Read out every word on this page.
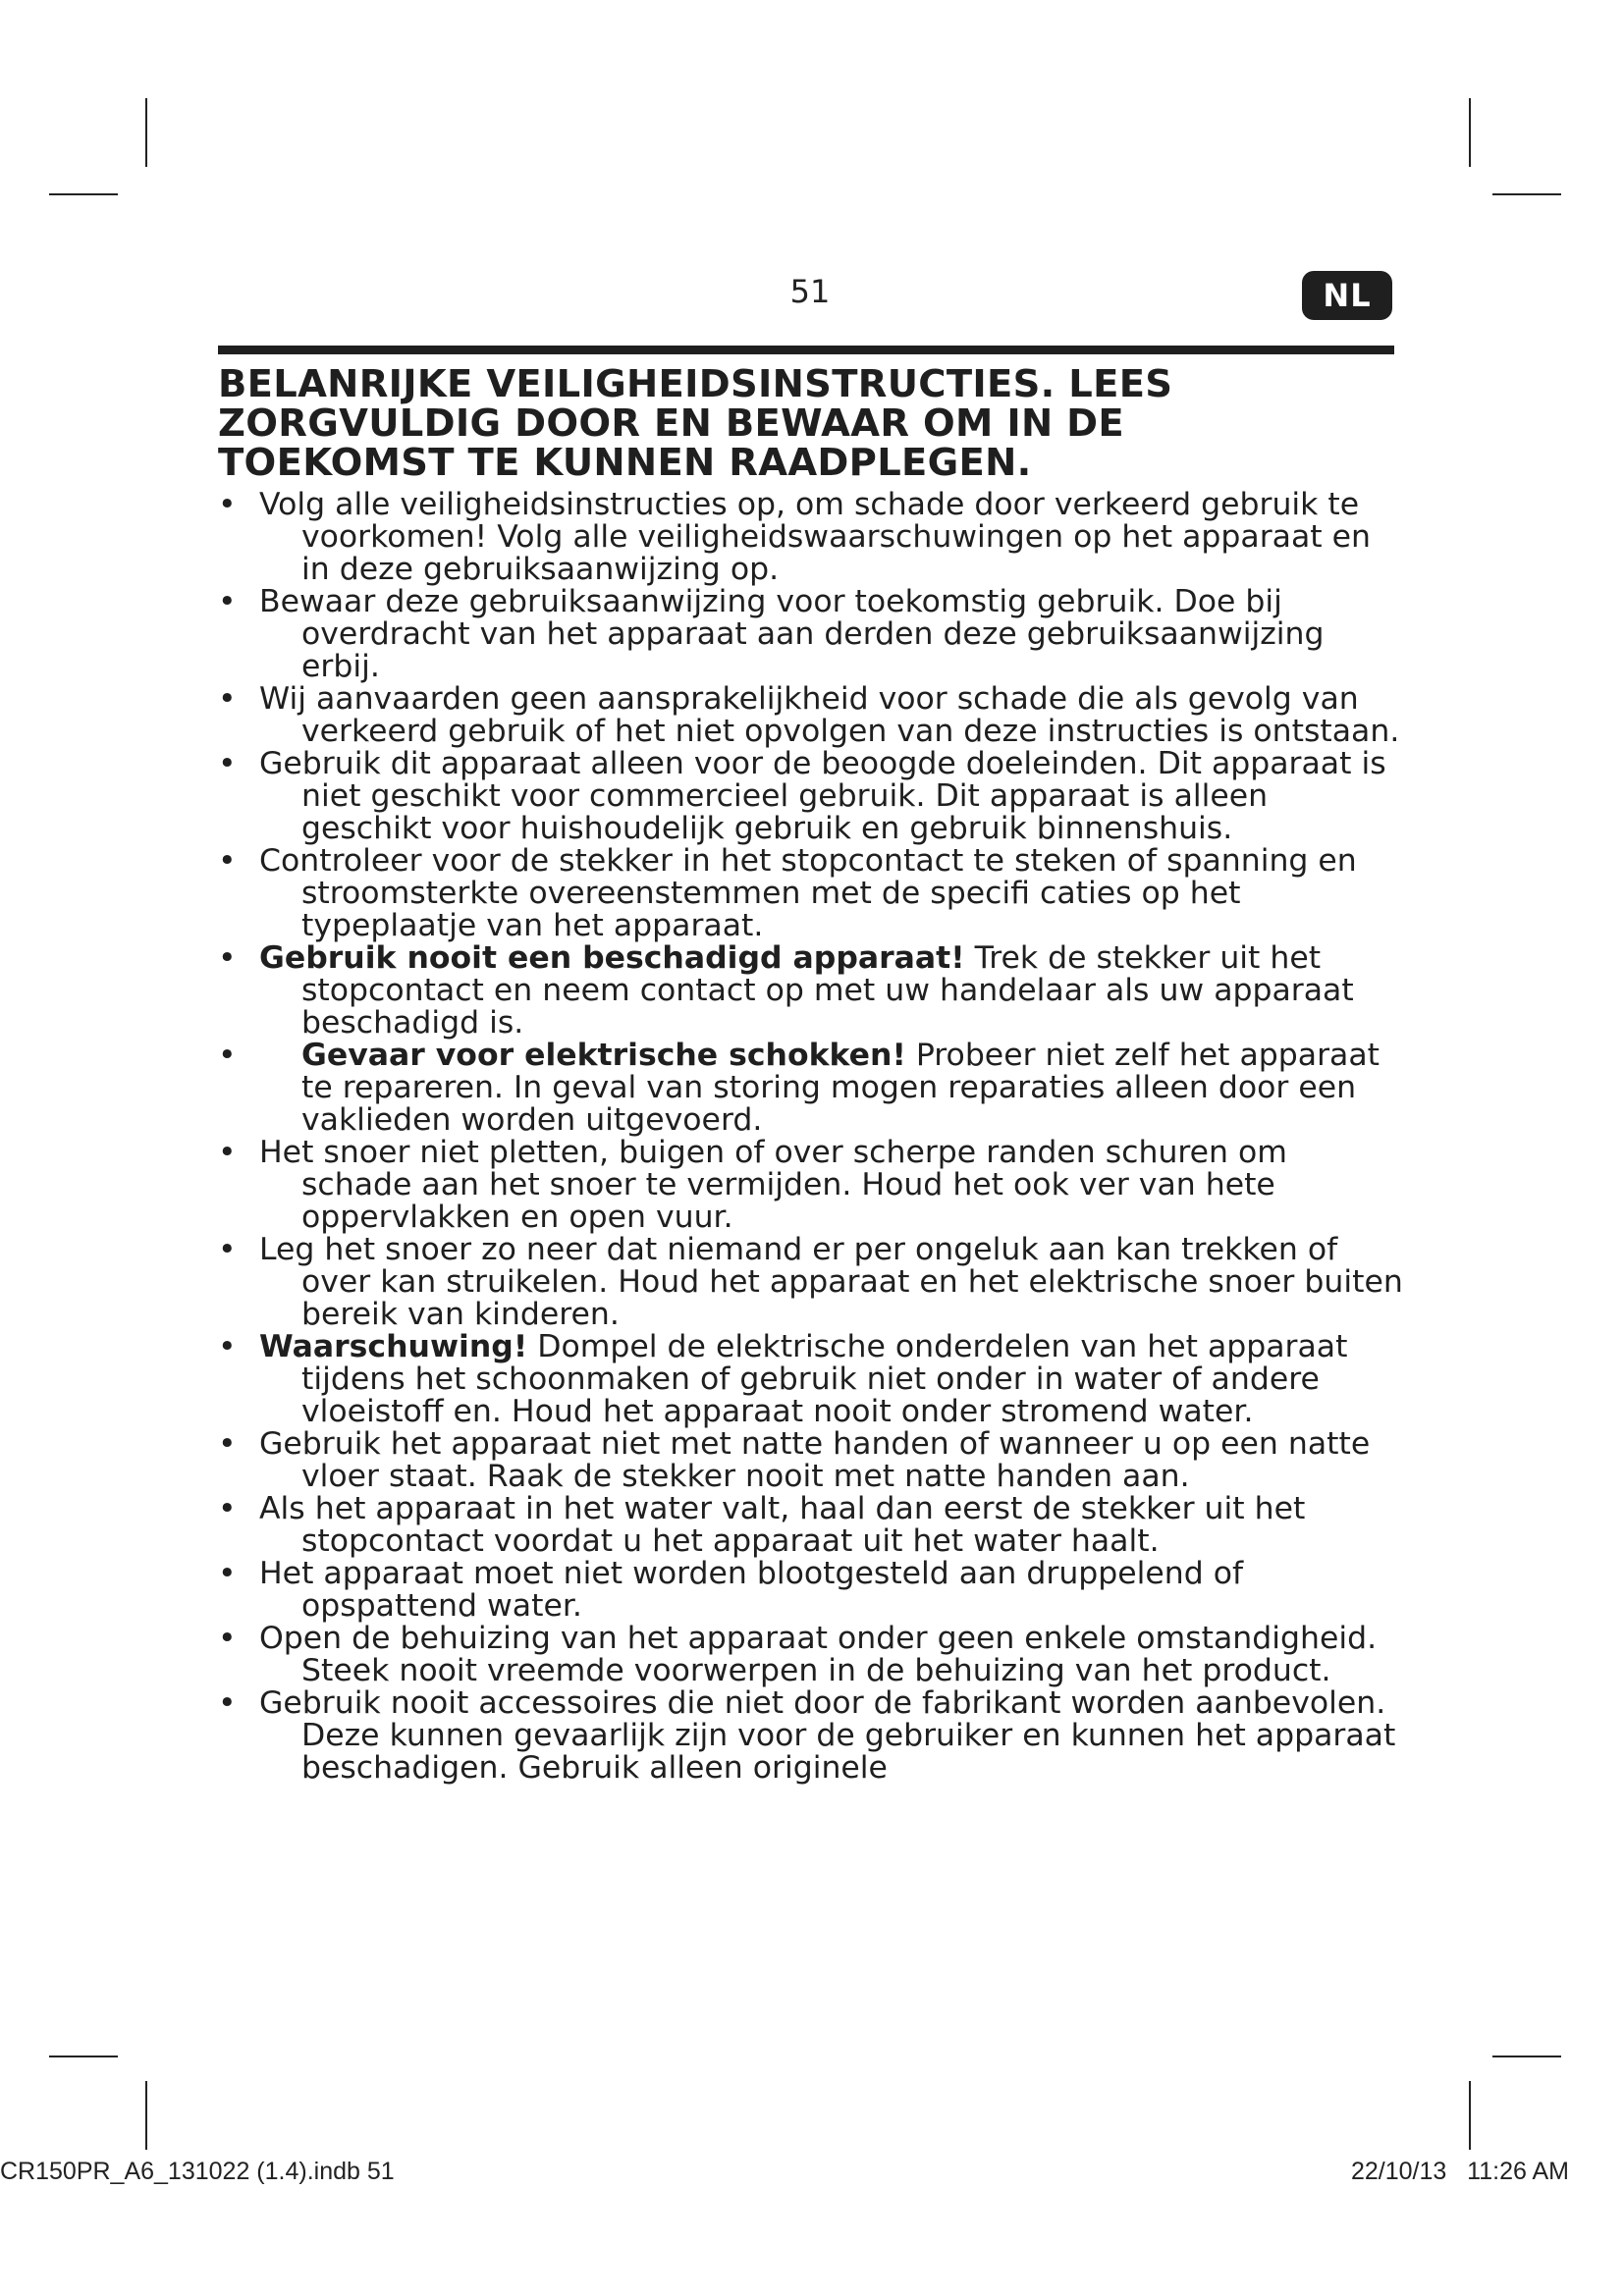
51	NL
BELANRIJKE VEILIGHEIDSINSTRUCTIES. LEES
ZORGVULDIG DOOR EN BEWAAR OM IN DE
TOEKOMST TE KUNNEN RAADPLEGEN.
• Volg alle veiligheidsinstructies op, om schade door verkeerd gebruik te voorkomen! Volg alle veiligheidswaarschuwingen op het apparaat en in deze gebruiksaanwijzing op.
• Bewaar deze gebruiksaanwijzing voor toekomstig gebruik. Doe bij overdracht van het apparaat aan derden deze gebruiksaanwijzing erbij.
• Wij aanvaarden geen aansprakelijkheid voor schade die als gevolg van verkeerd gebruik of het niet opvolgen van deze instructies is ontstaan.
• Gebruik dit apparaat alleen voor de beoogde doeleinden. Dit apparaat is niet geschikt voor commercieel gebruik. Dit apparaat is alleen geschikt voor huishoudelijk gebruik en gebruik binnenshuis.
• Controleer voor de stekker in het stopcontact te steken of spanning en stroomsterkte overeenstemmen met de specifi caties op het typeplaatje van het apparaat.
• Gebruik nooit een beschadigd apparaat! Trek de stekker uit het stopcontact en neem contact op met uw handelaar als uw apparaat beschadigd is.
• Gevaar voor elektrische schokken! Probeer niet zelf het apparaat te repareren. In geval van storing mogen reparaties alleen door een vaklieden worden uitgevoerd.
• Het snoer niet pletten, buigen of over scherpe randen schuren om schade aan het snoer te vermijden. Houd het ook ver van hete oppervlakken en open vuur.
• Leg het snoer zo neer dat niemand er per ongeluk aan kan trekken of over kan struikelen. Houd het apparaat en het elektrische snoer buiten bereik van kinderen.
• Waarschuwing! Dompel de elektrische onderdelen van het apparaat tijdens het schoonmaken of gebruik niet onder in water of andere vloeistoff en. Houd het apparaat nooit onder stromend water.
• Gebruik het apparaat niet met natte handen of wanneer u op een natte vloer staat. Raak de stekker nooit met natte handen aan.
• Als het apparaat in het water valt, haal dan eerst de stekker uit het stopcontact voordat u het apparaat uit het water haalt.
• Het apparaat moet niet worden blootgesteld aan druppelend of opspattend water.
• Open de behuizing van het apparaat onder geen enkele omstandigheid. Steek nooit vreemde voorwerpen in de behuizing van het product.
• Gebruik nooit accessoires die niet door de fabrikant worden aanbevolen. Deze kunnen gevaarlijk zijn voor de gebruiker en kunnen het apparaat beschadigen. Gebruik alleen originele
CR150PR_A6_131022 (1.4).indb 51	22/10/13 11:26 AM
